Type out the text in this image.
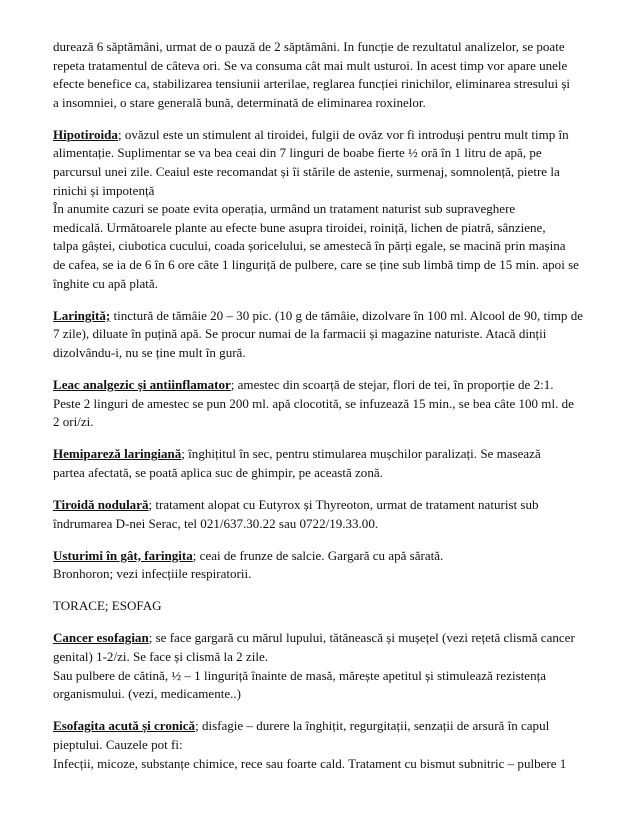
durează 6 săptămâni, urmat de o pauză de 2 săptămâni. In funcție de rezultatul analizelor, se poate
repeta tratamentul de câteva ori. Se va consuma cât mai mult usturoi. In acest timp vor apare unele
efecte benefice ca, stabilizarea tensiunii arterilae, reglarea funcției rinichilor, eliminarea stresului și
a insomniei, o stare generală bună, determinată de eliminarea roxinelor.
Hipotiroida; ovăzul este un stimulent al tiroidei, fulgii de ovăz vor fi introduși pentru mult timp în
alimentație. Suplimentar se va bea ceai din 7 linguri de boabe fierte ½ oră în 1 litru de apă, pe
parcursul unei zile. Ceaiul este recomandat și îi stările de astenie, surmenaj, somnolență, pietre la
rinichi și impotență
În anumite cazuri se poate evita operația, urmând un tratament naturist sub supraveghere
medicală. Următoarele plante au efecte bune asupra tiroidei, roiniță, lichen de piatră, sânziene,
talpa gâștei, ciubotica cucului, coada șoricelului, se amestecă în părți egale, se macină prin mașina
de cafea, se ia de 6 în 6 ore câte 1 linguriță de pulbere, care se ține sub limbă timp de 15 min. apoi se
înghite cu apă plată.
Laringită; tinctură de tămâie 20 – 30 pic. (10 g de tămâie, dizolvare în 100 ml. Alcool de 90, timp de
7 zile), diluate în puțină apă. Se procur numai de la farmacii și magazine naturiste. Atacă dinții
dizolvându-i, nu se ține mult în gură.
Leac analgezic și antiinflamator; amestec din scoarță de stejar, flori de tei, în proporție de 2:1.
Peste 2 linguri de amestec se pun 200 ml. apă clocotită, se infuzează 15 min., se bea câte 100 ml. de
2 ori/zi.
Hemipareză laringiană; înghițitul în sec, pentru stimularea mușchilor paralizați. Se masează
partea afectată, se poată aplica suc de ghimpir, pe această zonă.
Tiroidă nodulară; tratament alopat cu Eutyrox și Thyreoton, urmat de tratament naturist sub
îndrumarea D-nei Serac, tel 021/637.30.22 sau 0722/19.33.00.
Usturimi în gât, faringita; ceai de frunze de salcie. Gargară cu apă sărată.
Bronhoron; vezi infecțiile respiratorii.
TORACE; ESOFAG
Cancer esofagian; se face gargară cu mărul lupului, tătănească și mușețel (vezi rețetă clismă cancer
genital) 1-2/zi. Se face și clismă la 2 zile.
Sau pulbere de cătină, ½ – 1 linguriță înainte de masă, mărește apetitul și stimulează rezistența
organismului. (vezi, medicamente..)
Esofagita acută și cronică; disfagie – durere la înghițit, regurgitații, senzații de arsură în capul
pieptului. Cauzele pot fi:
Infecții, micoze, substanțe chimice, rece sau foarte cald. Tratament cu bismut subnitric – pulbere 1
